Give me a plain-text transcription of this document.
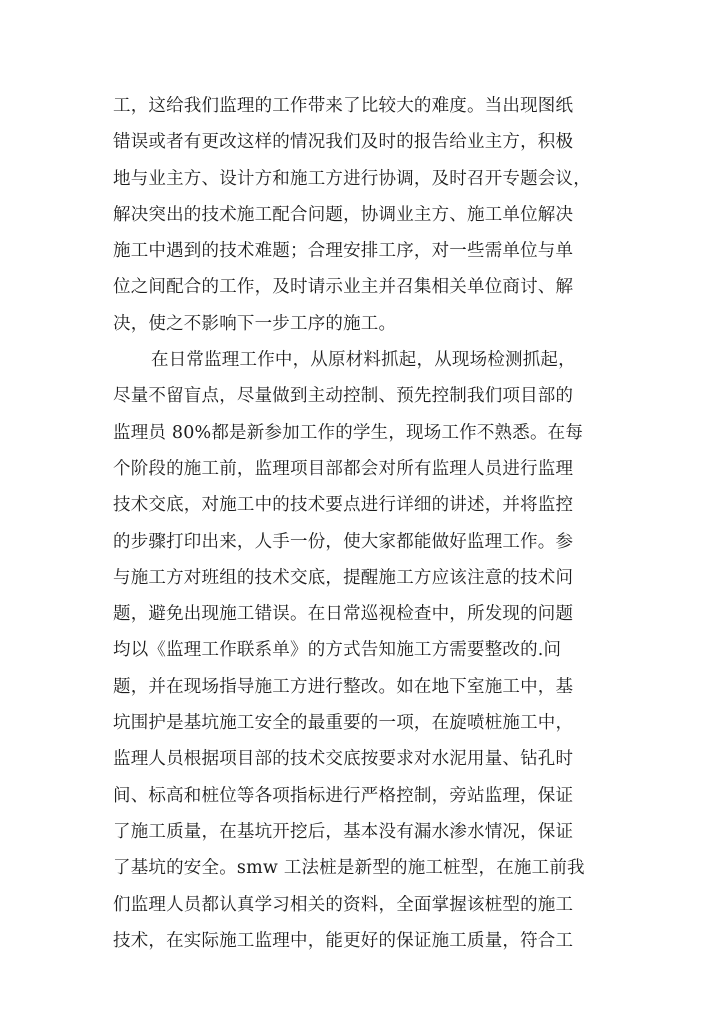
工，这给我们监理的工作带来了比较大的难度。当出现图纸
错误或者有更改这样的情况我们及时的报告给业主方，积极
地与业主方、设计方和施工方进行协调，及时召开专题会议，
解决突出的技术施工配合问题，协调业主方、施工单位解决
施工中遇到的技术难题；合理安排工序，对一些需单位与单
位之间配合的工作，及时请示业主并召集相关单位商讨、解
决，使之不影响下一步工序的施工。
在日常监理工作中，从原材料抓起，从现场检测抓起，
尽量不留盲点，尽量做到主动控制、预先控制我们项目部的
监理员 80%都是新参加工作的学生，现场工作不熟悉。在每
个阶段的施工前，监理项目部都会对所有监理人员进行监理
技术交底，对施工中的技术要点进行详细的讲述，并将监控
的步骤打印出来，人手一份，使大家都能做好监理工作。参
与施工方对班组的技术交底，提醒施工方应该注意的技术问
题，避免出现施工错误。在日常巡视检查中，所发现的问题
均以《监理工作联系单》的方式告知施工方需要整改的.问
题，并在现场指导施工方进行整改。如在地下室施工中，基
坑围护是基坑施工安全的最重要的一项，在旋喷桩施工中，
监理人员根据项目部的技术交底按要求对水泥用量、钻孔时
间、标高和桩位等各项指标进行严格控制，旁站监理，保证
了施工质量，在基坑开挖后，基本没有漏水渗水情况，保证
了基坑的安全。smw 工法桩是新型的施工桩型，在施工前我
们监理人员都认真学习相关的资料，全面掌握该桩型的施工
技术，在实际施工监理中，能更好的保证施工质量，符合工
